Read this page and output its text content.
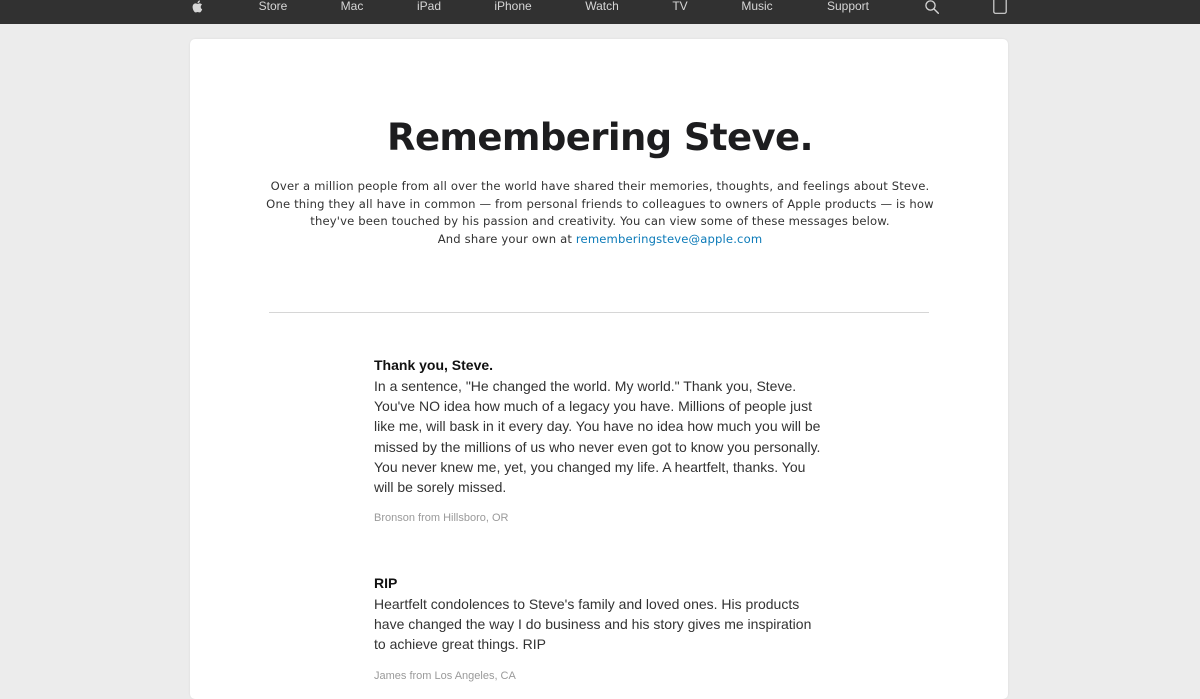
Store	Mac	iPad	iPhone	Watch	TV	Music	Support
Remembering Steve.

Over a million people from all over the world have shared their memories, thoughts, and feelings about Steve. One thing they all have in common — from personal friends to colleagues to owners of Apple products — is how they've been touched by his passion and creativity. You can view some of these messages below.

And share your own at rememberingsteve@apple.com

Thank you, Steve.

In a sentence, "He changed the world. My world." Thank you, Steve. You've NO idea how much of a legacy you have. Millions of people just like me, will bask in it every day. You have no idea how much you will be missed by the millions of us who never even got to know you personally. You never knew me, yet, you changed my life. A heartfelt, thanks. You will be sorely missed.

Bronson from Hillsboro, OR
RIP

Heartfelt condolences to Steve's family and loved ones. His products have changed the way I do business and his story gives me inspiration to achieve great things. RIP

James from Los Angeles, CA
